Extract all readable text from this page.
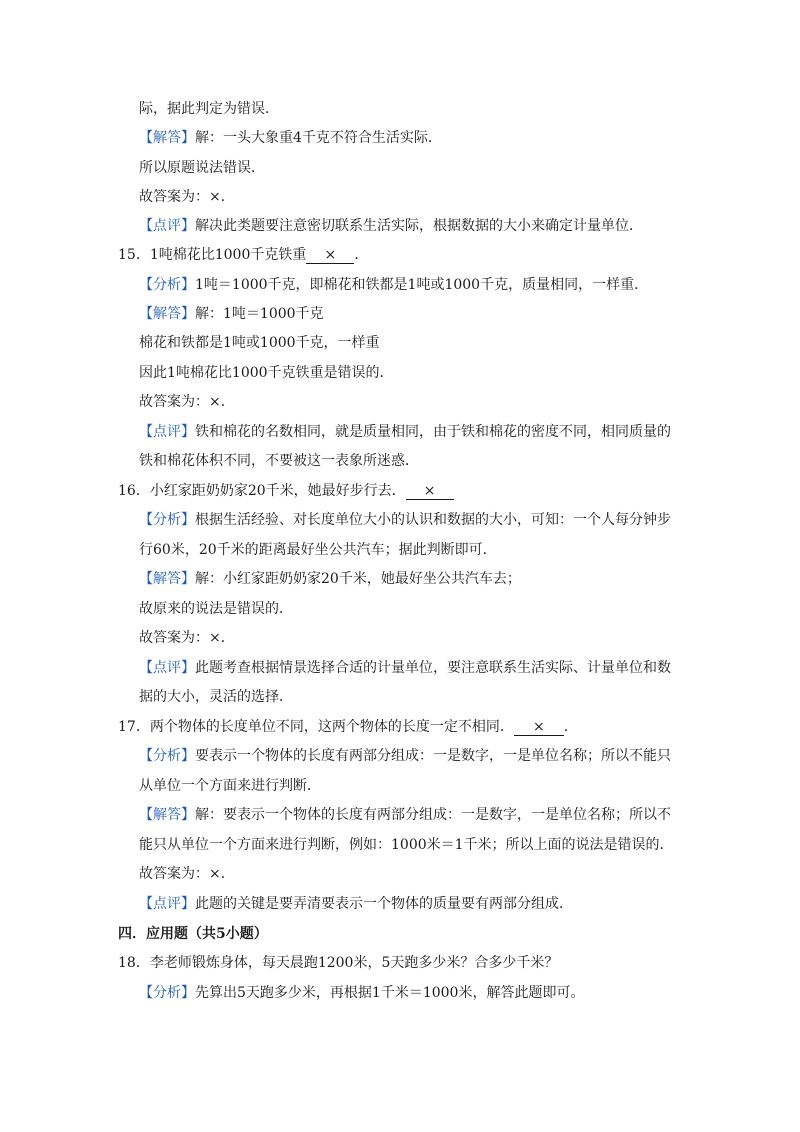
际，据此判定为错误．
【解答】解：一头大象重4千克不符合生活实际．
所以原题说法错误．
故答案为：×．
【点评】解决此类题要注意密切联系生活实际，根据数据的大小来确定计量单位．
15．1吨棉花比1000千克铁重 × ．
【分析】1吨＝1000千克，即棉花和铁都是1吨或1000千克，质量相同，一样重．
【解答】解：1吨＝1000千克
棉花和铁都是1吨或1000千克，一样重
因此1吨棉花比1000千克铁重是错误的．
故答案为：×．
【点评】铁和棉花的名数相同，就是质量相同，由于铁和棉花的密度不同，相同质量的
铁和棉花体积不同，不要被这一表象所迷惑．
16．小红家距奶奶家20千米，她最好步行去． ×
【分析】根据生活经验、对长度单位大小的认识和数据的大小，可知：一个人每分钟步
行60米，20千米的距离最好坐公共汽车；据此判断即可．
【解答】解：小红家距奶奶家20千米，她最好坐公共汽车去；
故原来的说法是错误的．
故答案为：×．
【点评】此题考查根据情景选择合适的计量单位，要注意联系生活实际、计量单位和数
据的大小，灵活的选择．
17．两个物体的长度单位不同，这两个物体的长度一定不相同． × ．
【分析】要表示一个物体的长度有两部分组成：一是数字，一是单位名称；所以不能只
从单位一个方面来进行判断．
【解答】解：要表示一个物体的长度有两部分组成：一是数字，一是单位名称；所以不
能只从单位一个方面来进行判断，例如：1000米＝1千米；所以上面的说法是错误的．
故答案为：×．
【点评】此题的关键是要弄清要表示一个物体的质量要有两部分组成．
四．应用题（共5小题）
18．李老师锻炼身体，每天晨跑1200米，5天跑多少米？合多少千米？
【分析】先算出5天跑多少米，再根据1千米＝1000米，解答此题即可。
